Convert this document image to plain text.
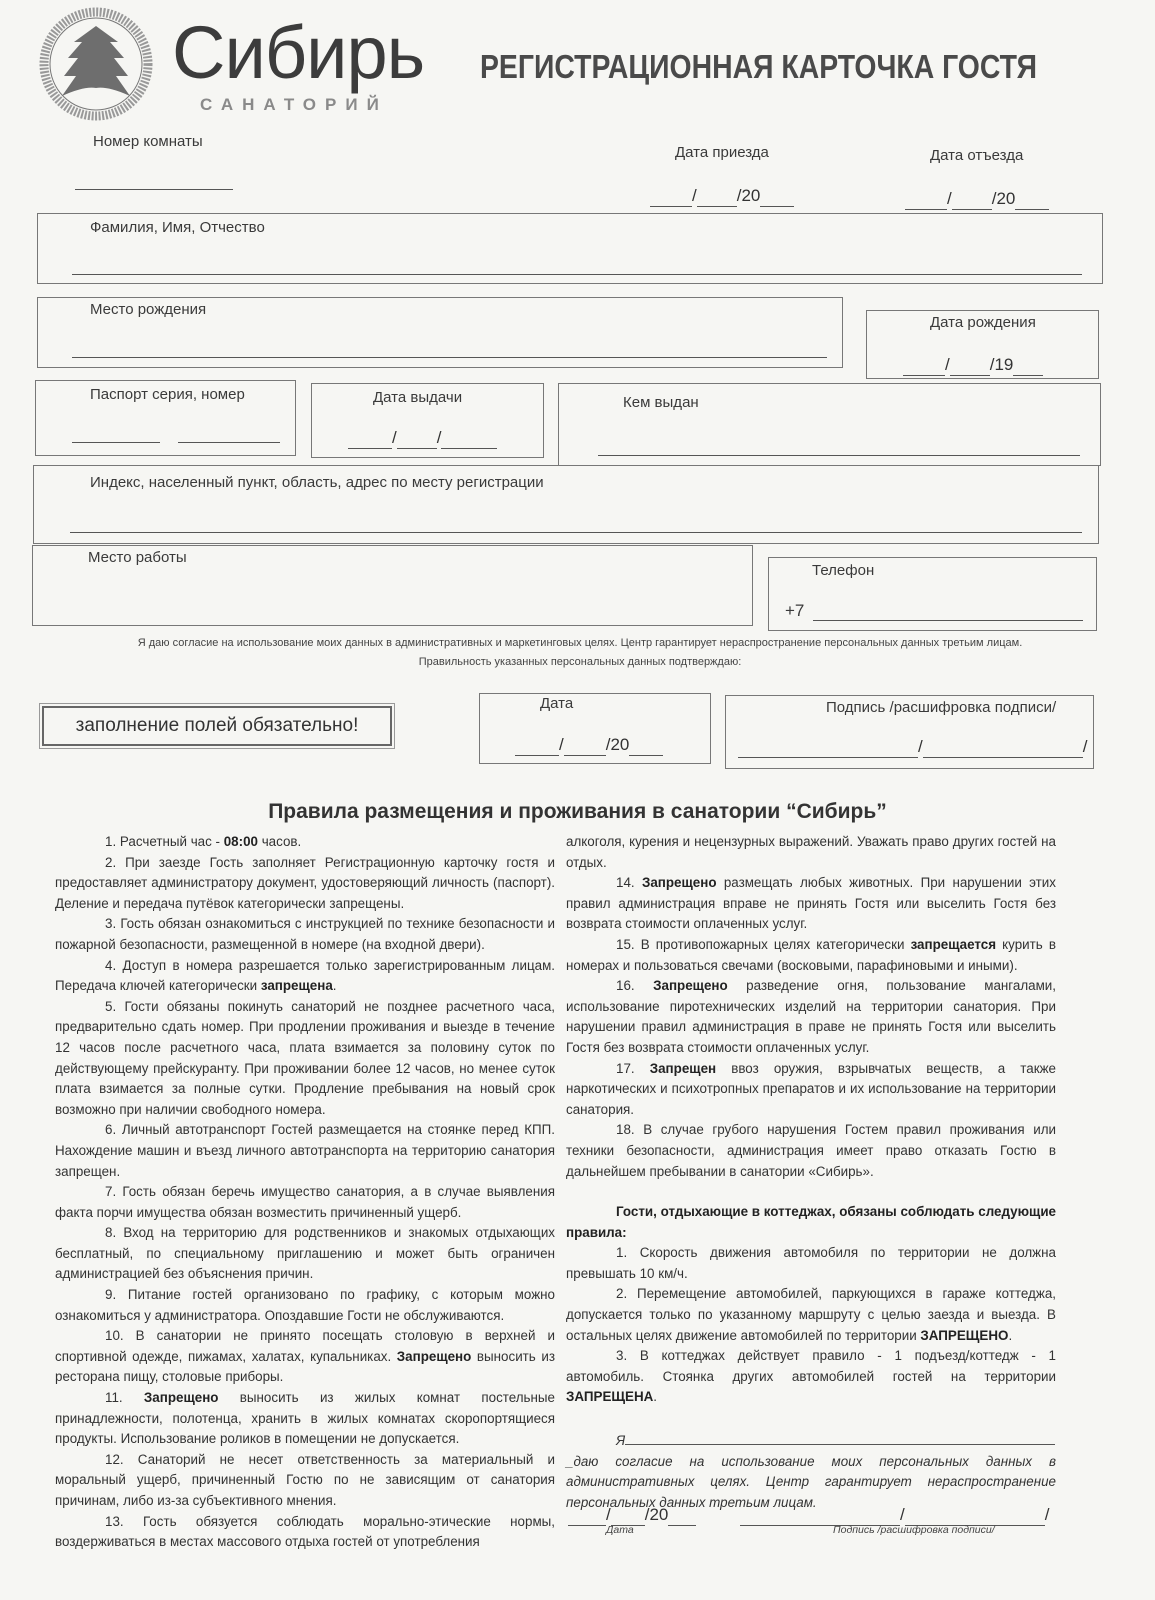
Сибирь
САНАТОРИЙ
РЕГИСТРАЦИОННАЯ КАРТОЧКА ГОСТЯ
Номер комнаты
Дата приезда
/ /20
Дата отъезда
/ /20
Фамилия, Имя, Отчество
Место рождения
Дата рождения
/ /19
Паспорт серия, номер	Дата выдачи
/ /
Кем выдан
Индекс, населенный пункт, область, адрес по месту регистрации
Место работы
Телефон
+7
Я даю согласие на использование моих данных в административных и маркетинговых целях. Центр гарантирует нераспространение персональных данных третьим лицам.
Правильность указанных персональных данных подтверждаю:
заполнение полей обязательно!
Дата
/ /20
Подпись /расшифровка подписи/
/	/
Правила размещения и проживания в санатории “Сибирь”

1. Расчетный час - 08:00 часов.

2. При заезде Гость заполняет Регистрационную карточку гостя и предоставляет администратору документ, удостоверяющий личность (паспорт). Деление и передача путёвок категорически запрещены.

3. Гость обязан ознакомиться с инструкцией по технике безопасности и пожарной безопасности, размещенной в номере (на входной двери).

4. Доступ в номера разрешается только зарегистрированным лицам. Передача ключей категорически запрещена.

5. Гости обязаны покинуть санаторий не позднее расчетного часа, предварительно сдать номер. При продлении проживания и выезде в течение 12 часов после расчетного часа, плата взимается за половину суток по действующему прейскуранту. При проживании более 12 часов, но менее суток плата взимается за полные сутки. Продление пребывания на новый срок возможно при наличии свободного номера.

6. Личный автотранспорт Гостей размещается на стоянке перед КПП. Нахождение машин и въезд личного автотранспорта на территорию санатория запрещен.

7. Гость обязан беречь имущество санатория, а в случае выявления факта порчи имущества обязан возместить причиненный ущерб.

8. Вход на территорию для родственников и знакомых отдыхающих бесплатный, по специальному приглашению и может быть ограничен администрацией без объяснения причин.

9. Питание гостей организовано по графику, с которым можно ознакомиться у администратора. Опоздавшие Гости не обслуживаются.

10. В санатории не принято посещать столовую в верхней и спортивной одежде, пижамах, халатах, купальниках. Запрещено выносить из ресторана пищу, столовые приборы.

11. Запрещено выносить из жилых комнат постельные принадлежности, полотенца, хранить в жилых комнатах скоропортящиеся продукты. Использование роликов в помещении не допускается.

12. Санаторий не несет ответственность за материальный и моральный ущерб, причиненный Гостю по не зависящим от санатория причинам, либо из-за субъективного мнения.

13. Гость обязуется соблюдать морально-этические нормы, воздерживаться в местах массового отдыха гостей от употребления

алкоголя, курения и нецензурных выражений. Уважать право других гостей на отдых.

14. Запрещено размещать любых животных. При нарушении этих правил администрация вправе не принять Гостя или выселить Гостя без возврата стоимости оплаченных услуг.

15. В противопожарных целях категорически запрещается курить в номерах и пользоваться свечами (восковыми, парафиновыми и иными).

16. Запрещено разведение огня, пользование мангалами, использование пиротехнических изделий на территории санатория. При нарушении правил администрация в праве не принять Гостя или выселить Гостя без возврата стоимости оплаченных услуг.

17. Запрещен ввоз оружия, взрывчатых веществ, а также наркотических и психотропных препаратов и их использование на территории санатория.

18. В случае грубого нарушения Гостем правил проживания или техники безопасности, администрация имеет право отказать Гостю в дальнейшем пребывании в санатории «Сибирь».

Гости, отдыхающие в коттеджах, обязаны соблюдать следующие правила:

1. Скорость движения автомобиля по территории не должна превышать 10 км/ч.

2. Перемещение автомобилей, паркующихся в гараже коттеджа, допускается только по указанному маршруту с целью заезда и выезда. В остальных целях движение автомобилей по территории ЗАПРЕЩЕНО.

3. В коттеджах действует правило - 1 подъезд/коттедж - 1 автомобиль. Стоянка других автомобилей гостей на территории ЗАПРЕЩЕНА.

Я

_даю согласие на использование моих персональных данных в административных целях. Центр гарантирует нераспространение персональных данных третьим лицам.

/ /20
Дата
/	/
Подпись /расшифровка подписи/
